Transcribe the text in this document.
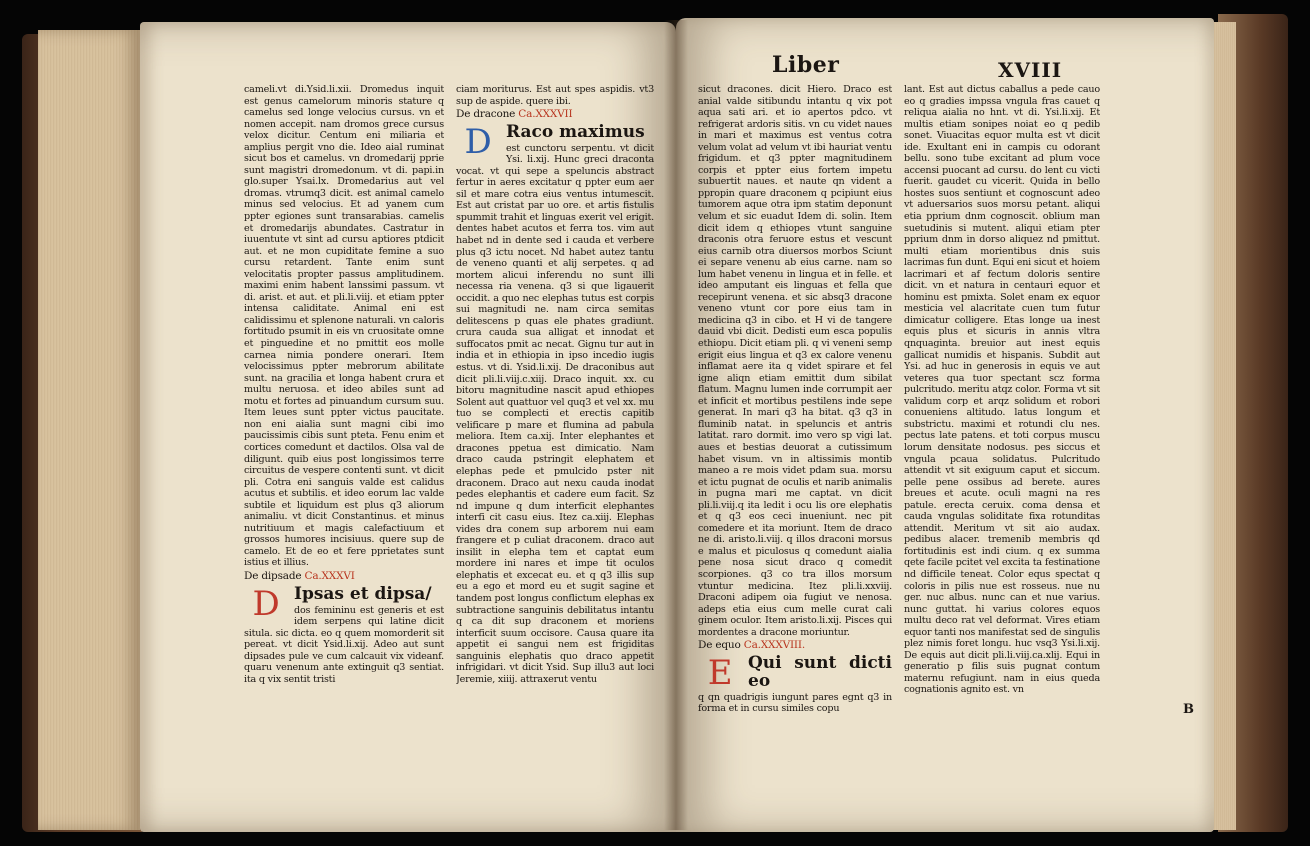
cameli.vt di.Ysid.li.xii. Dromedus inquit est genus camelorum minoris stature q camelus sed longe velocius cursus. vn et nomen accepit. nam dromos grece cursus velox dicitur. Centum eni miliaria et amplius pergit vno die. Ideo aial ruminat sicut bos et camelus. vn dromedarij pprie sunt magistri dromedonum. vt di. papi.in glo.super Ysai.lx. Dromedarius aut vel dromas. vtrumq3 dicit. est animal camelo minus sed velocius. Et ad yanem cum ppter egiones sunt transarabias. camelis et dromedarijs abundates. Castratur in iuuentute vt sint ad cursu aptiores ptdicit aut. et ne mon cupiditate femine a suo cursu retardent. Tante enim sunt velocitatis propter passus amplitudinem. maximi enim habent lanssimi passum. vt di. arist. et aut. et pli.li.viij. et etiam ppter intensa caliditate. Animal eni est calidissimu et splenone naturali. vn caloris fortitudo psumit in eis vn cruositate omne et pinguedine et no pmittit eos molle carnea nimia pondere onerari. Item velocissimus ppter mebrorum abilitate sunt. na gracilia et longa habent crura et multu neruosa. et ideo abiles sunt ad motu et fortes ad pinuandum cursum suu. Item leues sunt ppter victus paucitate. non eni aialia sunt magni cibi imo paucissimis cibis sunt pteta. Fenu enim et cortices comedunt et dactilos. Olsa val de diligunt. quib eius post longissimos terre circuitus de vespere contenti sunt. vt dicit pli. Cotra eni sanguis valde est calidus acutus et subtilis. et ideo eorum lac valde subtile et liquidum est plus q3 aliorum animaliu. vt dicit Constantinus. et minus nutritiuum et magis calefactiuum et grossos humores incisiuus. quere sup de camelo. Et de eo et fere pprietates sunt istius et illius.

De dipsade Ca.XXXVI
D Ipsas et dipsa/

dos femininu est generis et est idem serpens qui latine dicit situla. sic dicta. eo q quem momorderit sit pereat. vt dicit Ysid.li.xij. Adeo aut sunt dipsades pule ve cum calcauit vix videanf. quaru venenum ante extinguit q3 sentiat. ita q vix sentit tristi

ciam moriturus. Est aut spes aspidis. vt3 sup de aspide. quere ibi.

De dracone Ca.XXXVII
D Raco maximus

est cunctoru serpentu. vt dicit Ysi. li.xij. Hunc greci draconta vocat. vt qui sepe a speluncis abstract fertur in aeres excitatur q ppter eum aer sil et mare cotra eius ventus intumescit. Est aut cristat par uo ore. et artis fistulis spummit trahit et linguas exerit vel erigit. dentes habet acutos et ferra tos. vim aut habet nd in dente sed i cauda et verbere plus q3 ictu nocet. Nd habet autez tantu de veneno quanti et alij serpetes. q ad mortem alicui inferendu no sunt illi necessa ria venena. q3 si que ligauerit occidit. a quo nec elephas tutus est corpis sui magnitudi ne. nam circa semitas delitescens p quas ele phates gradiunt. crura cauda sua alligat et innodat et suffocatos pmit ac necat. Gignu tur aut in india et in ethiopia in ipso incedio iugis estus. vt di. Ysid.li.xij. De draconibus aut dicit pli.li.viij.c.xiij. Draco inquit. xx. cu bitoru magnitudine nascit apud ethiopes Solent aut quattuor vel quq3 et vel xx. mu tuo se complecti et erectis capitib velificare p mare et flumina ad pabula meliora. Item ca.xij. Inter elephantes et dracones ppetua est dimicatio. Nam draco cauda pstringit elephatem et elephas pede et pmulcido pster nit draconem. Draco aut nexu cauda inodat pedes elephantis et cadere eum facit. Sz nd impune q dum interficit elephantes interfi cit casu eius. Itez ca.xiij. Elephas vides dra conem sup arborem nui eam frangere et p culiat draconem. draco aut insilit in elepha tem et captat eum mordere ini nares et impe tit oculos elephatis et excecat eu. et q q3 illis sup eu a ego et mord eu et sugit sagine et tandem post longus conflictum elephas ex subtractione sanguinis debilitatus intantu q ca dit sup draconem et moriens interficit suum occisore. Causa quare ita appetit ei sangui nem est frigiditas sanguinis elephatis quo draco appetit infrigidari. vt dicit Ysid. Sup illu3 aut loci Jeremie, xiiij. attraxerut ventu

Liber	XVIII

sicut dracones. dicit Hiero. Draco est anial valde sitibundu intantu q vix pot aqua sati ari. et io apertos pdco. vt refrigerat ardoris sitis. vn cu videt naues in mari et maximus est ventus cotra velum volat ad velum vt ibi hauriat ventu frigidum. et q3 ppter magnitudinem corpis et ppter eius fortem impetu subuertit naues. et naute qn vident a ppropin quare draconem q pcipiunt eius tumorem aque otra ipm statim deponunt velum et sic euadut Idem di. solin. Item dicit idem q ethiopes vtunt sanguine draconis otra feruore estus et vescunt eius carnib otra diuersos morbos Sciunt ei separe venenu ab eius carne. nam so lum habet venenu in lingua et in felle. et ideo amputant eis linguas et fella que recepirunt venena. et sic absq3 dracone veneno vtunt cor pore eius tam in medicina q3 in cibo. et H vi de tangere dauid vbi dicit. Dedisti eum esca populis ethiopu. Dicit etiam pli. q vi veneni semp erigit eius lingua et q3 ex calore venenu inflamat aere ita q videt spirare et fel igne aliqn etiam emittit dum sibilat flatum. Magnu lumen inde corrumpit aer et inficit et mortibus pestilens inde sepe generat. In mari q3 ha bitat. q3 q3 in fluminib natat. in speluncis et antris latitat. raro dormit. imo vero sp vigi lat. aues et bestias deuorat a cutissimum habet visum. vn in altissimis montib maneo a re mois videt pdam sua. morsu et ictu pugnat de oculis et narib animalis in pugna mari me captat. vn dicit pli.li.viij.q ita ledit i ocu lis ore elephatis et q q3 eos ceci inueniunt. nec pit comedere et ita moriunt. Item de draco ne di. aristo.li.viij. q illos draconi morsus e malus et piculosus q comedunt aialia pene nosa sicut draco q comedit scorpiones. q3 co tra illos morsum vtuntur medicina. Itez pli.li.xxviij. Draconi adipem oia fugiut ve nenosa. adeps etia eius cum melle curat cali ginem oculor. Item aristo.li.xij. Pisces qui mordentes a dracone moriuntur.

De equo Ca.XXXVIII.
E Qui sunt dicti eo

q qn quadrigis iungunt pares egnt q3 in forma et in cursu similes copu

lant. Est aut dictus caballus a pede cauo eo q gradies impssa vngula fras cauet q reliqua aialia no hnt. vt di. Ysi.li.xij. Et multis etiam sonipes noiat eo q pedib sonet. Viuacitas equor multa est vt dicit ide. Exultant eni in campis cu odorant bellu. sono tube excitant ad plum voce accensi puocant ad cursu. do lent cu victi fuerit. gaudet cu vicerit. Quida in bello hostes suos sentiunt et cognoscunt adeo vt aduersarios suos morsu petant. aliqui etia pprium dnm cognoscit. oblium man suetudinis si mutent. aliqui etiam pter pprium dnm in dorso aliquez nd pmittut. multi etiam morientibus dnis suis lacrimas fun dunt. Equi eni sicut et hoiem lacrimari et af fectum doloris sentire dicit. vn et natura in centauri equor et hominu est pmixta. Solet enam ex equor mesticia vel alacritate cuen tum futur dimicatur colligere. Etas longe ua inest equis plus et sicuris in annis vltra qnquaginta. breuior aut inest equis gallicat numidis et hispanis. Subdit aut Ysi. ad huc in generosis in equis ve aut veteres qua tuor spectant scz forma pulcritudo. meritu atqz color. Forma vt sit validum corp et arqz solidum et robori conueniens altitudo. latus longum et substrictu. maximi et rotundi clu nes. pectus late patens. et toti corpus muscu lorum densitate nodosus. pes siccus et vngula pcaua solidatus. Pulcritudo attendit vt sit exiguum caput et siccum. pelle pene ossibus ad berete. aures breues et acute. oculi magni na res patule. erecta ceruix. coma densa et cauda vngulas soliditate fixa rotunditas attendit. Meritum vt sit aio audax. pedibus alacer. tremenib membris qd fortitudinis est indi cium. q ex summa qete facile pcitet vel excita ta festinatione nd difficile teneat. Color equs spectat q coloris in pilis nue est rosseus. nue nu ger. nuc albus. nunc can et nue varius. nunc guttat. hi varius colores equos multu deco rat vel deformat. Vires etiam equor tanti nos manifestat sed de singulis plez nimis foret longu. huc vsq3 Ysi.li.xij. De equis aut dicit pli.li.viij.ca.xlij. Equi in generatio p filis suis pugnat contum maternu refugiunt. nam in eius queda cognationis agnito est. vn

B
